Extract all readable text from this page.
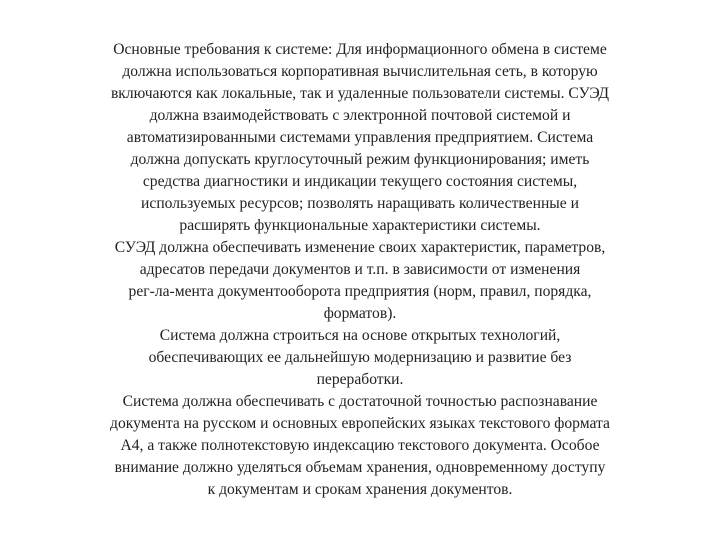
Основные требования к системе: Для информационного обмена в системе
должна использоваться корпоративная вычислительная сеть, в которую
включаются как локальные, так и удаленные пользователи системы. СУЭД
должна взаимодействовать с электронной почтовой системой и
автоматизированными системами управления предприятием. Система
должна допускать круглосуточный режим функционирования; иметь
средства диагностики и индикации текущего состояния системы,
используемых ресурсов; позволять наращивать количественные и
расширять функциональные характеристики системы.
СУЭД должна обеспечивать изменение своих характеристик, параметров,
адресатов передачи документов и т.п. в зависимости от изменения
рег-ла-мента документооборота предприятия (норм, правил, порядка,
форматов).
Система должна строиться на основе открытых технологий,
обеспечивающих ее дальнейшую модернизацию и развитие без
переработки.
Система должна обеспечивать с достаточной точностью распознавание
документа на русском и основных европейских языках текстового формата
А4, а также полнотекстовую индексацию текстового документа. Особое
внимание должно уделяться объемам хранения, одновременному доступу
к документам и срокам хранения документов.
